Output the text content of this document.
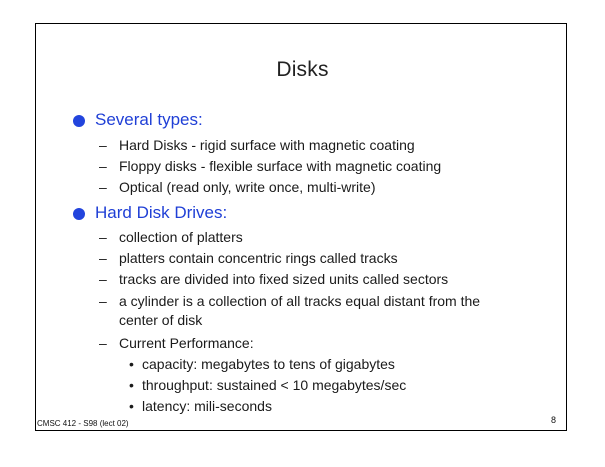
Disks
Several types:
– Hard Disks - rigid surface with magnetic coating
– Floppy disks - flexible surface with magnetic coating
– Optical (read only, write once, multi-write)
Hard Disk Drives:
– collection of platters
– platters contain concentric rings called tracks
– tracks are divided into fixed sized units called sectors
– a cylinder is a collection of all tracks equal distant from the center of disk
– Current Performance:
• capacity: megabytes to tens of gigabytes
• throughput: sustained < 10 megabytes/sec
• latency: mili-seconds
CMSC 412 - S98 (lect 02)	8
